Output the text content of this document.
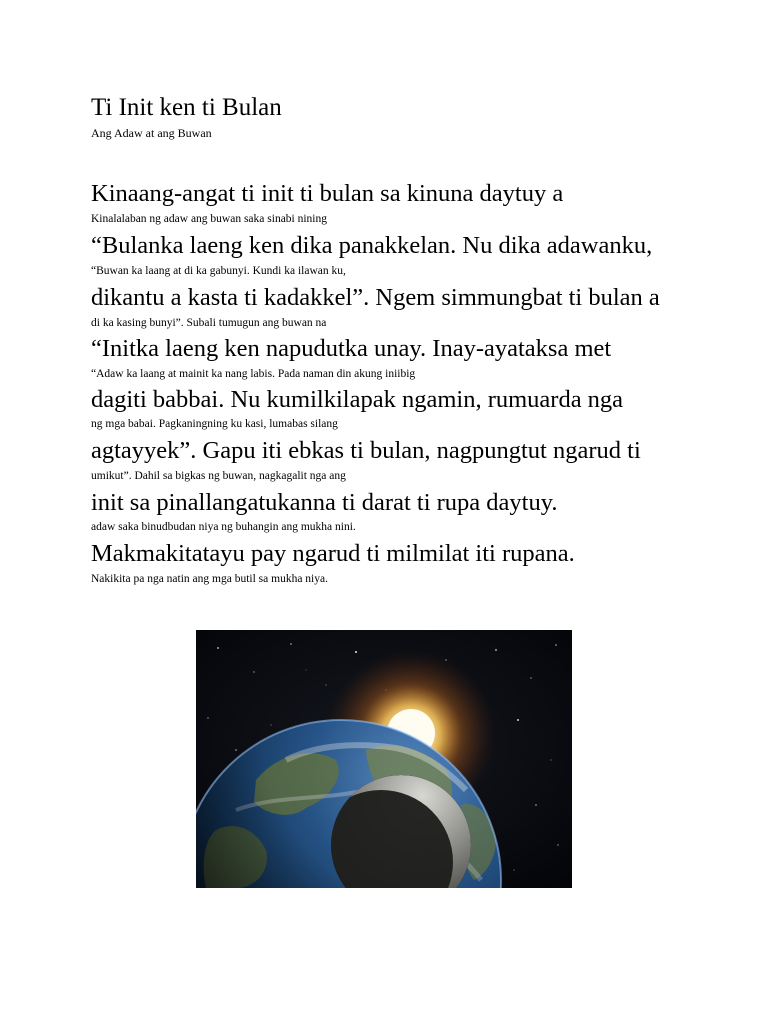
Ti Init ken ti Bulan
Ang Adaw at ang Buwan
Kinaang-angat ti init ti bulan sa kinuna daytuy a
Kinalalaban ng adaw ang buwan saka sinabi nining
“Bulanka laeng ken dika panakkelan. Nu dika adawanku,
“Buwan ka laang at di ka gabunyi. Kundi ka ilawan ku,
dikantu a kasta ti kadakkel”. Ngem simmungbat ti bulan a
di ka kasing bunyi”. Subali tumugun ang buwan na
“Initka laeng ken napudutka unay. Inay-ayataksa met
“Adaw ka laang at mainit ka nang labis. Pada naman din akung iniibig
dagiti babbai. Nu kumilkilapak ngamin, rumuarda nga
ng mga babai. Pagkaningning ku kasi, lumabas silang
agtayyek”. Gapu iti ebkas ti bulan, nagpungtut ngarud ti
umikut”. Dahil sa bigkas ng buwan, nagkagalit nga ang
init sa pinallangatukanna ti darat ti rupa daytuy.
adaw saka binudbudan niya ng buhangin ang mukha nini.
Makmakitatayu pay ngarud ti milmilat iti rupana.
Nakikita pa nga natin ang mga butil sa mukha niya.
